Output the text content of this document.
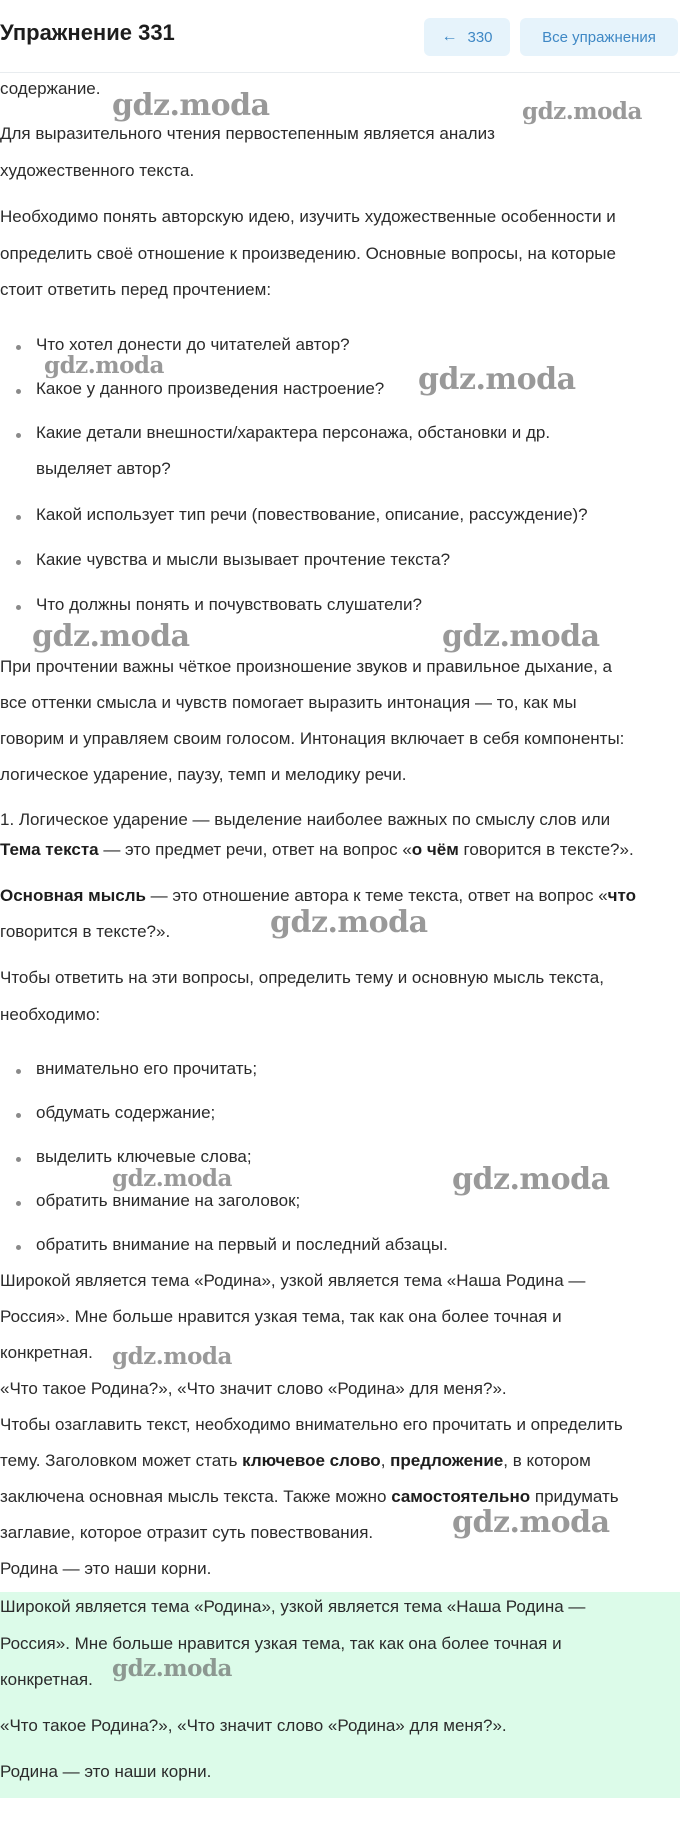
Упражнение 331	← 330	Все упражнения
содержание.
Для выразительного чтения первостепенным является анализ
художественного текста.
Необходимо понять авторскую идею, изучить художественные особенности и
определить своё отношение к произведению. Основные вопросы, на которые
стоит ответить перед прочтением:
Что хотел донести до читателей автор?
Какое у данного произведения настроение?
Какие детали внешности/характера персонажа, обстановки и др.
выделяет автор?
Какой использует тип речи (повествование, описание, рассуждение)?
Какие чувства и мысли вызывает прочтение текста?
Что должны понять и почувствовать слушатели?
При прочтении важны чёткое произношение звуков и правильное дыхание, а
все оттенки смысла и чувств помогает выразить интонация — то, как мы
говорим и управляем своим голосом. Интонация включает в себя компоненты:
логическое ударение, паузу, темп и мелодику речи.
1. Логическое ударение — выделение наиболее важных по смыслу слов или
Тема текста — это предмет речи, ответ на вопрос «о чём говорится в тексте?».
Основная мысль — это отношение автора к теме текста, ответ на вопрос «что
говорится в тексте?».
Чтобы ответить на эти вопросы, определить тему и основную мысль текста,
необходимо:
внимательно его прочитать;
обдумать содержание;
выделить ключевые слова;
обратить внимание на заголовок;
обратить внимание на первый и последний абзацы.
Широкой является тема «Родина», узкой является тема «Наша Родина —
Россия». Мне больше нравится узкая тема, так как она более точная и
конкретная.
«Что такое Родина?», «Что значит слово «Родина» для меня?».
Чтобы озаглавить текст, необходимо внимательно его прочитать и определить
тему. Заголовком может стать ключевое слово, предложение, в котором
заключена основная мысль текста. Также можно самостоятельно придумать
заглавие, которое отразит суть повествования.
Родина — это наши корни.
Широкой является тема «Родина», узкой является тема «Наша Родина —
Россия». Мне больше нравится узкая тема, так как она более точная и
конкретная.
«Что такое Родина?», «Что значит слово «Родина» для меня?».
Родина — это наши корни.
gdz.moda	gdz.moda
gdz.moda	gdz.moda
gdz.moda	gdz.moda
gdz.moda
gdz.moda	gdz.moda
gdz.moda
gdz.moda
gdz.moda
